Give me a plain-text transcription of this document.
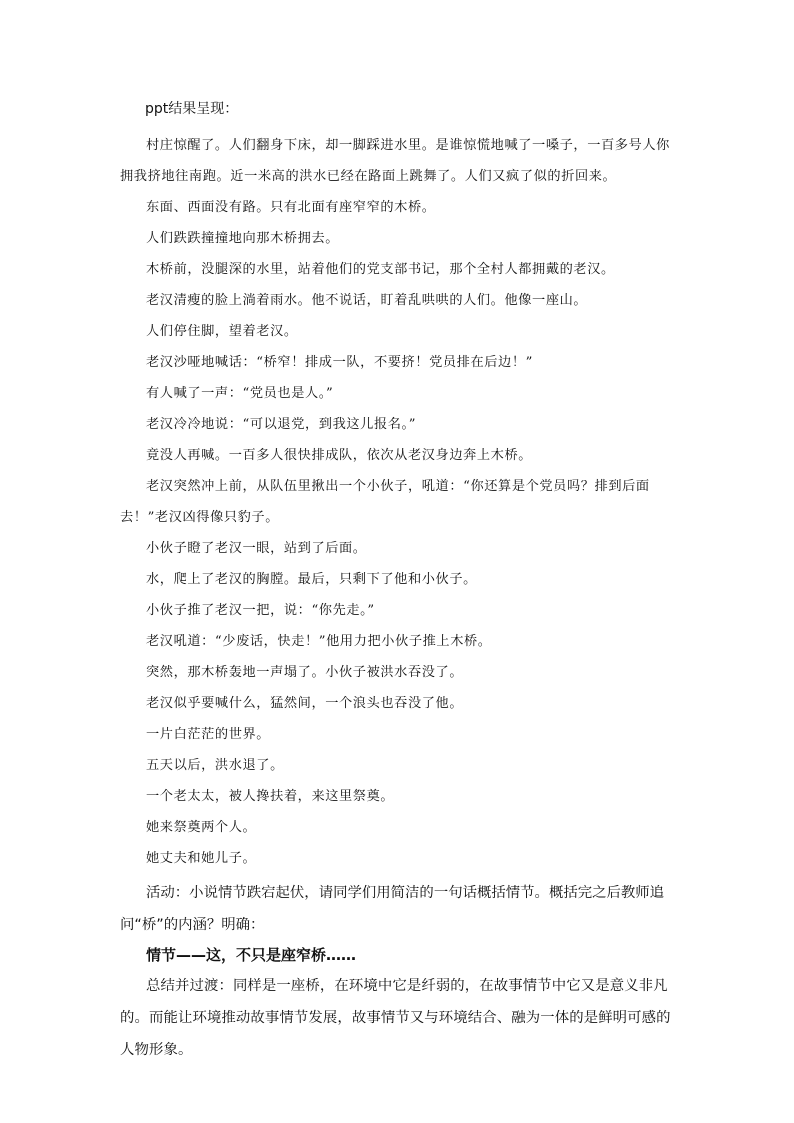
ppt结果呈现：

村庄惊醒了。人们翻身下床，却一脚踩进水里。是谁惊慌地喊了一嗓子，一百多号人你拥我挤地往南跑。近一米高的洪水已经在路面上跳舞了。人们又疯了似的折回来。

东面、西面没有路。只有北面有座窄窄的木桥。

人们跌跌撞撞地向那木桥拥去。

木桥前，没腿深的水里，站着他们的党支部书记，那个全村人都拥戴的老汉。

老汉清瘦的脸上淌着雨水。他不说话，盯着乱哄哄的人们。他像一座山。

人们停住脚，望着老汉。

老汉沙哑地喊话：“桥窄！排成一队，不要挤！党员排在后边！”

有人喊了一声：“党员也是人。”

老汉冷冷地说：“可以退党，到我这儿报名。”

竟没人再喊。一百多人很快排成队，依次从老汉身边奔上木桥。

老汉突然冲上前，从队伍里揪出一个小伙子，吼道：“你还算是个党员吗？排到后面去！”老汉凶得像只豹子。

小伙子瞪了老汉一眼，站到了后面。

水，爬上了老汉的胸膛。最后，只剩下了他和小伙子。

小伙子推了老汉一把，说：“你先走。”

老汉吼道：“少废话，快走！”他用力把小伙子推上木桥。

突然，那木桥轰地一声塌了。小伙子被洪水吞没了。

老汉似乎要喊什么，猛然间，一个浪头也吞没了他。

一片白茫茫的世界。

五天以后，洪水退了。

一个老太太，被人搀扶着，来这里祭奠。

她来祭奠两个人。

她丈夫和她儿子。

活动：小说情节跌宕起伏，请同学们用简洁的一句话概括情节。概括完之后教师追问“桥”的内涵？明确：

情节——这，不只是座窄桥……

总结并过渡：同样是一座桥，在环境中它是纤弱的，在故事情节中它又是意义非凡的。而能让环境推动故事情节发展，故事情节又与环境结合、融为一体的是鲜明可感的人物形象。
